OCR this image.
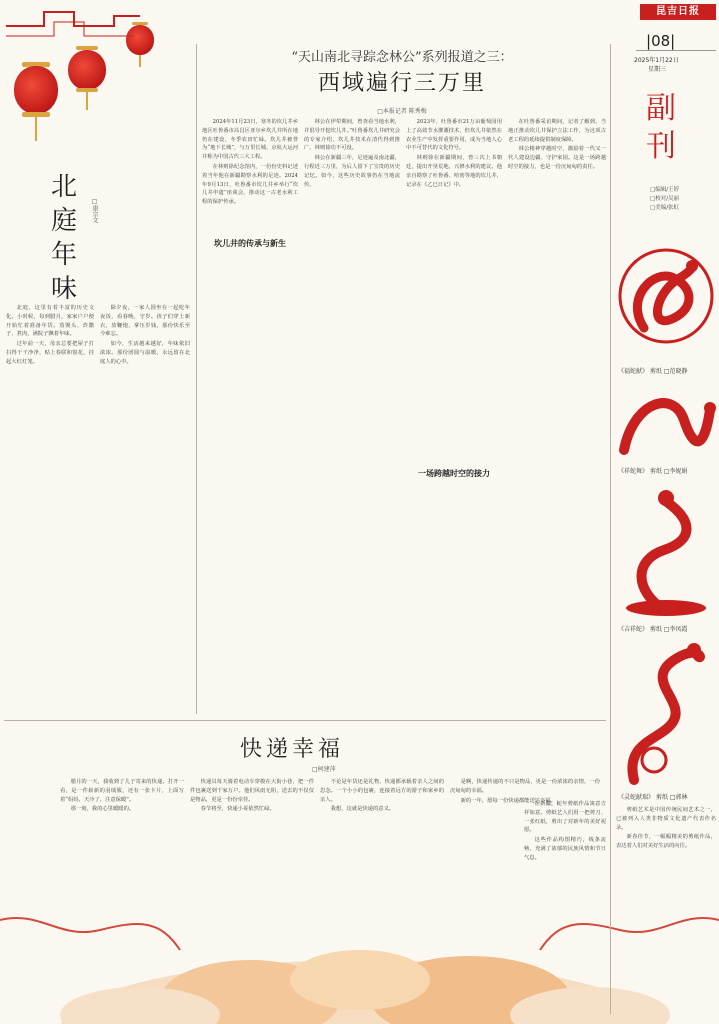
昆吉日报
|08|
2025年1月22日
星期三
“天山南北寻踪念林公”系列报道之三：
西域遍行三万里
□本报记者 陈秀梅

2024年11月23日，寒冬的坎儿井乡地区吐鲁番市高昌区亚尔乡坎儿井所在地仍在建设，冬季农田忙碌。坎儿井被誉为“地下长城”，与万里长城、京杭大运河并称为中国古代三大工程。

在林则徐纪念馆内，一份份史料记述着当年他在新疆勘察水利的足迹。2024年9月13日，吐鲁番市坎儿井乡举行“坎儿井申遗”座谈会，推动这一古老水利工程的保护传承。

坎儿井的传承与新生

林公在伊犁期间，曾查看当地水利，并倡导开挖坎儿井。”吐鲁番坎儿井研究会的专家介绍，坎儿井技术在清代得到推广，林则徐功不可没。

林公在新疆三年，足迹遍及南北疆，行程近三万里，为后人留下了宝贵的历史记忆。如今，这些历史故事仍在当地流传。

2023年，吐鲁番市21万亩葡萄园用上了高效节水灌溉技术，但坎儿井依然在农业生产中发挥重要作用，成为当地人心中不可替代的文化符号。

林则徐在新疆期间，曾三次上书朝廷，提出开垦荒地、兴修水利的建议。他亲自勘察了吐鲁番、哈密等地的坎儿井，记录在《乙巳日记》中。

一场跨越时空的接力

在吐鲁番采访期间，记者了解到，当地正推动坎儿井保护立法工作，为这项古老工程的延续提供制度保障。

林公精神穿越时空，激励着一代又一代人建设边疆、守护家园。这是一场跨越时空的接力，也是一份沉甸甸的责任。

北庭年味
□康宗文

北庭，这里有着丰富的历史文化。小时候，每到腊月，家家户户便开始忙着准备年货。蒸馒头、炸馓子、煮肉，满院子飘着年味。

过年前一天，母亲总要把屋子打扫得干干净净，贴上春联和窗花，挂起大红灯笼。

除夕夜，一家人围坐在一起吃年夜饭，看春晚，守岁。孩子们穿上新衣，放鞭炮，拿压岁钱，那份快乐至今难忘。

如今，生活越来越好，年味依旧浓浓。那份团圆与温暖，永远留在北庭人的心中。

快递幸福
□柯建萍

腊月的一天，我收到了儿子寄来的快递。打开一看，是一件崭新的羽绒服，还有一张卡片，上面写着“妈妈，天冷了，注意保暖”。

那一刻，我的心里暖暖的。

快递员每天骑着电动车穿梭在大街小巷，把一件件包裹送到千家万户。他们风雨无阻，送去的不仅仅是物品，更是一份份牵挂。

春节将至，快递小哥依然忙碌。

不论是年货还是礼物，快递都承载着亲人之间的思念。一个小小的包裹，连接着远方的游子和家乡的亲人。

我想，这就是快递的意义。

是啊，快递传递的不只是物品，更是一份浓浓的亲情，一份沉甸甸的幸福。

新的一年，愿每一份快递都能送达幸福。

副刊
□编辑/王婷
□校对/吴丽
□美编/张虹
《福蛇献》 剪纸 □范晓静
《祥蛇舞》 剪纸 □李妮娟
《吉祥蛇》 剪纸 □李凤霞
《灵蛇献瑞》 剪纸 □郭林

在新疆，蛇年剪纸作品寓意吉祥如意。剪纸艺人们用一把剪刀、一张红纸，剪出了对新年的美好祝愿。

这些作品构图精巧，线条流畅，充满了浓郁的民族风情和节日气息。

剪纸艺术是中国传统民间艺术之一，已被列入人类非物质文化遗产代表作名录。

新春佳节，一幅幅精美的剪纸作品，表达着人们对美好生活的向往。
